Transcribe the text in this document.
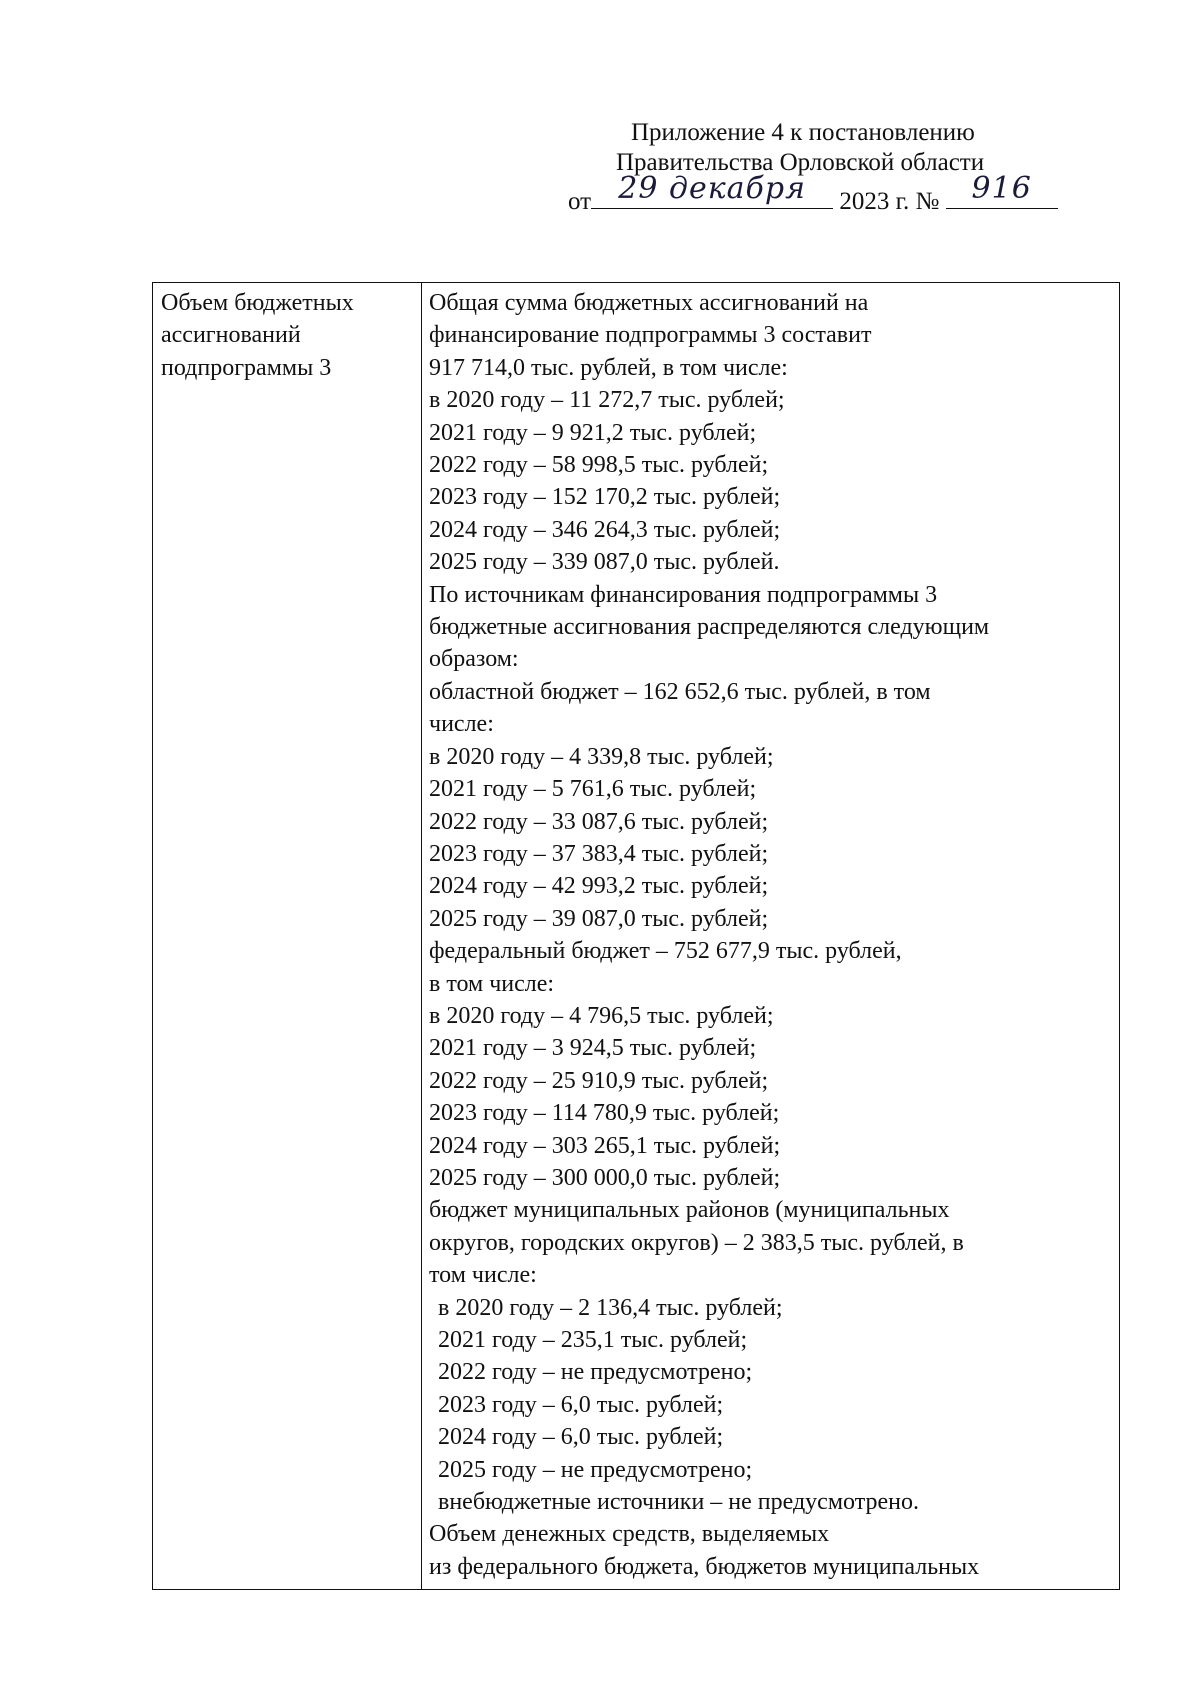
Приложение 4 к постановлению
Правительства Орловской области
от 29 декабря	2023 г. №	916
Объем бюджетных ассигнований подпрограммы 3
Общая сумма бюджетных ассигнований на
финансирование подпрограммы 3 составит
917 714,0 тыс. рублей, в том числе:
в 2020 году – 11 272,7 тыс. рублей;
2021 году – 9 921,2 тыс. рублей;
2022 году – 58 998,5 тыс. рублей;
2023 году – 152 170,2 тыс. рублей;
2024 году – 346 264,3 тыс. рублей;
2025 году – 339 087,0 тыс. рублей.
По источникам финансирования подпрограммы 3
бюджетные ассигнования распределяются следующим
образом:
областной бюджет – 162 652,6 тыс. рублей, в том
числе:
в 2020 году – 4 339,8 тыс. рублей;
2021 году – 5 761,6 тыс. рублей;
2022 году – 33 087,6 тыс. рублей;
2023 году – 37 383,4 тыс. рублей;
2024 году – 42 993,2 тыс. рублей;
2025 году – 39 087,0 тыс. рублей;
федеральный бюджет – 752 677,9 тыс. рублей,
в том числе:
в 2020 году – 4 796,5 тыс. рублей;
2021 году – 3 924,5 тыс. рублей;
2022 году – 25 910,9 тыс. рублей;
2023 году – 114 780,9 тыс. рублей;
2024 году – 303 265,1 тыс. рублей;
2025 году – 300 000,0 тыс. рублей;
бюджет муниципальных районов (муниципальных
округов, городских округов) – 2 383,5 тыс. рублей, в
том числе:
в 2020 году – 2 136,4 тыс. рублей;
2021 году – 235,1 тыс. рублей;
2022 году – не предусмотрено;
2023 году – 6,0 тыс. рублей;
2024 году – 6,0 тыс. рублей;
2025 году – не предусмотрено;
внебюджетные источники – не предусмотрено.
Объем денежных средств, выделяемых
из федерального бюджета, бюджетов муниципальных
